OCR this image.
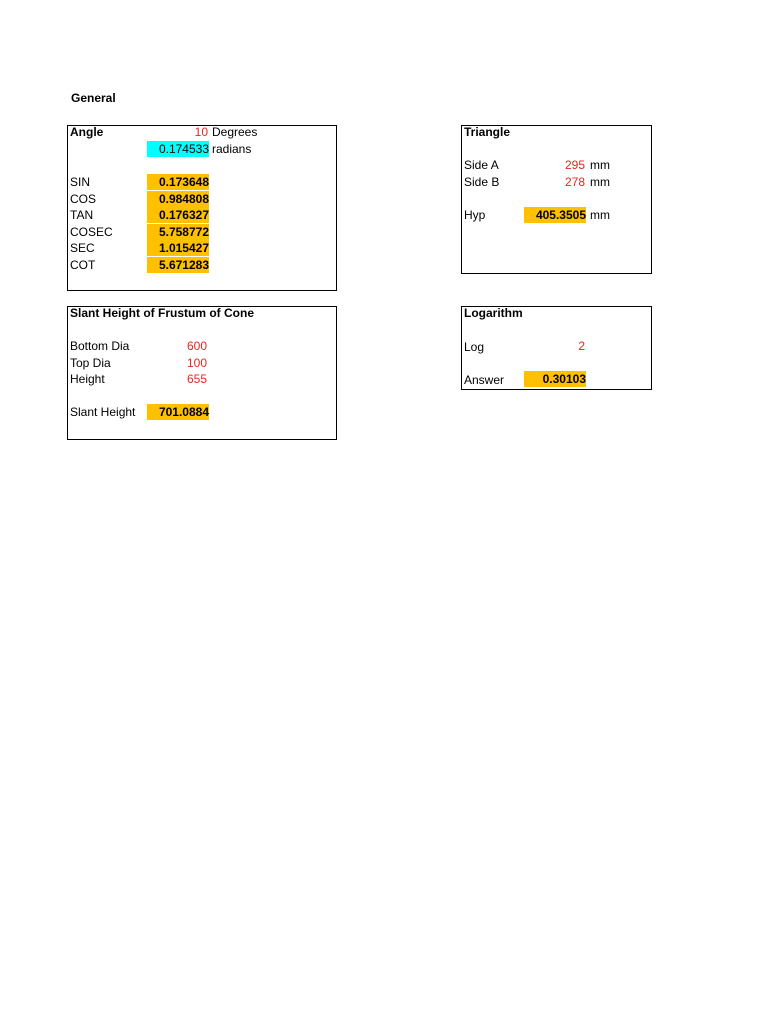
General
Angle	10 Degrees
0.174533 radians
SIN	0.173648
COS	0.984808
TAN	0.176327
COSEC	5.758772
SEC	1.015427
COT	5.671283
Triangle
Side A	295 mm
Side B	278 mm
Hyp	405.3505 mm
Slant Height of Frustum of Cone
Bottom Dia	600
Top Dia	100
Height	655
Slant Height	701.0884
Logarithm
Log	2
Answer	0.30103
